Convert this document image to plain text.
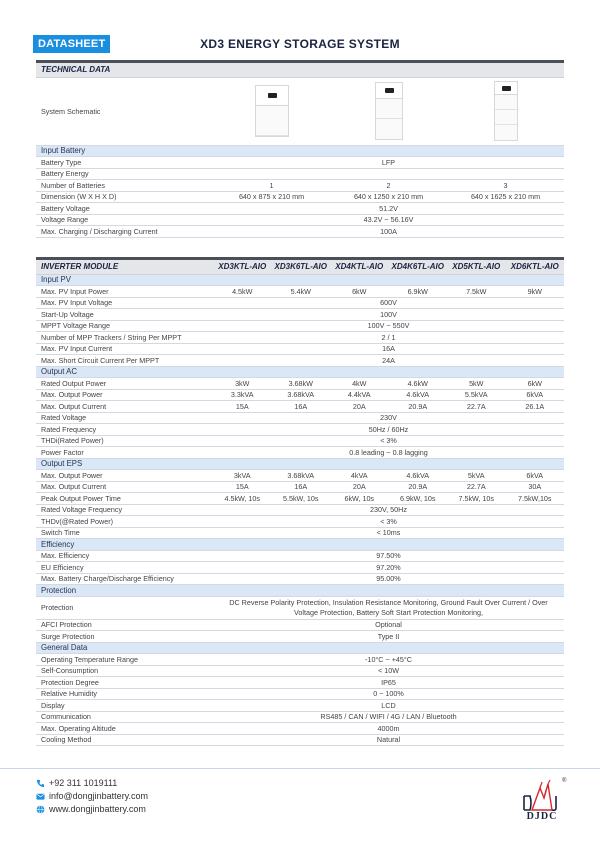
DATASHEET	XD3 ENERGY STORAGE SYSTEM
TECHNICAL DATA			
System Schematic	

Input Battery			
Battery Type	LFP		
Battery Energy			
Number of Batteries	1	2	3
Dimension (W X H X D)	640 x 875 x 210 mm	640 x 1250 x 210 mm	640 x 1625 x 210 mm
Battery Voltage	51.2V		
Voltage Range	43.2V ~ 56.16V		
Max. Charging / Discharging Current	100A		
INVERTER MODULE	XD3KTL-AIO	XD3K6TL-AIO	XD4KTL-AIO	XD4K6TL-AIO	XD5KTL-AIO	XD6KTL-AIO
Input PV						
Max. PV Input Power	4.5kW	5.4kW	6kW	6.9kW	7.5kW	9kW
Max. PV Input Voltage	600V					
Start-Up Voltage	100V					
MPPT Voltage Range	100V ~ 550V					
Number of MPP Trackers / String Per MPPT	2 / 1					
Max. PV Input Current	16A					
Max. Short Circuit Current Per MPPT	24A					
Output AC						
Rated Output Power	3kW	3.68kW	4kW	4.6kW	5kW	6kW
Max. Output Power	3.3kVA	3.68kVA	4.4kVA	4.6kVA	5.5kVA	6kVA
Max. Output Current	15A	16A	20A	20.9A	22.7A	26.1A
Rated Voltage	230V					
Rated Frequency	50Hz / 60Hz					
THDi(Rated Power)	< 3%					
Power Factor	0.8 leading ~ 0.8 lagging					
Output EPS						
Max. Output Power	3kVA	3.68kVA	4kVA	4.6kVA	5kVA	6kVA
Max. Output Current	15A	16A	20A	20.9A	22.7A	30A
Peak Output Power Time	4.5kW, 10s	5.5kW, 10s	6kW, 10s	6.9kW, 10s	7.5kW, 10s	7.5kW,10s
Rated Voltage Frequency	230V, 50Hz					
THDv(@Rated Power)	< 3%					
Switch Time	< 10ms					
Efficiency						
Max. Efficiency	97.50%					
EU Efficiency	97.20%					
Max. Battery Charge/Discharge Efficiency	95.00%					
Protection						
Protection	DC Reverse Polarity Protection, Insulation Resistance Monitoring, Ground Fault Over Current / Over Voltage Protection, Battery Soft Start Protection Monitoring,					
AFCI Protection	Optional					
Surge Protection	Type II					
General Data						
Operating Temperature Range	-10°C ~ +45°C					
Self-Consumption	< 10W					
Protection Degree	IP65					
Relative Humidity	0 ~ 100%					
Display	LCD					
Communication	RS485 / CAN / WIFI / 4G / LAN / Bluetooth					
Max. Operating Altitude	4000m					
Cooling Method	Natural					
+92 311 1019111
info@dongjinbattery.com
www.dongjinbattery.com
DJDC
®
